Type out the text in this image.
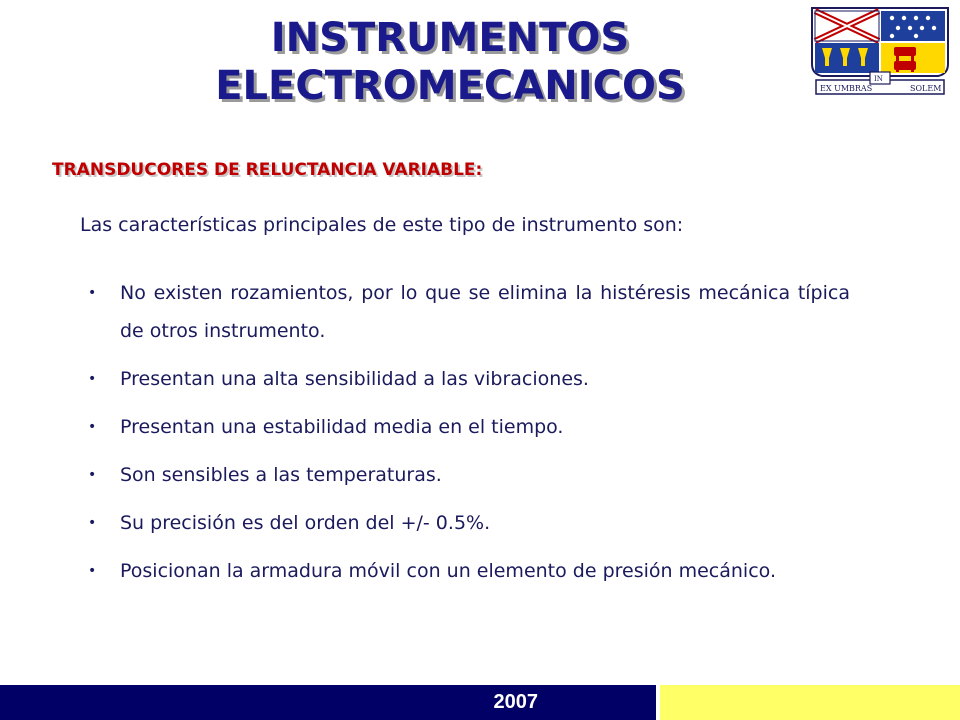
INSTRUMENTOS
ELECTROMECANICOS	EX UMBRAS
IN
SOLEM
TRANSDUCORES DE RELUCTANCIA VARIABLE:
Las características principales de este tipo de instrumento son:
• No existen rozamientos, por lo que se elimina la histéresis mecánica típica de otros instrumento.
• Presentan una alta sensibilidad a las vibraciones.
• Presentan una estabilidad media en el tiempo.
• Son sensibles a las temperaturas.
• Su precisión es del orden del +/- 0.5%.
• Posicionan la armadura móvil con un elemento de presión mecánico.
2007
